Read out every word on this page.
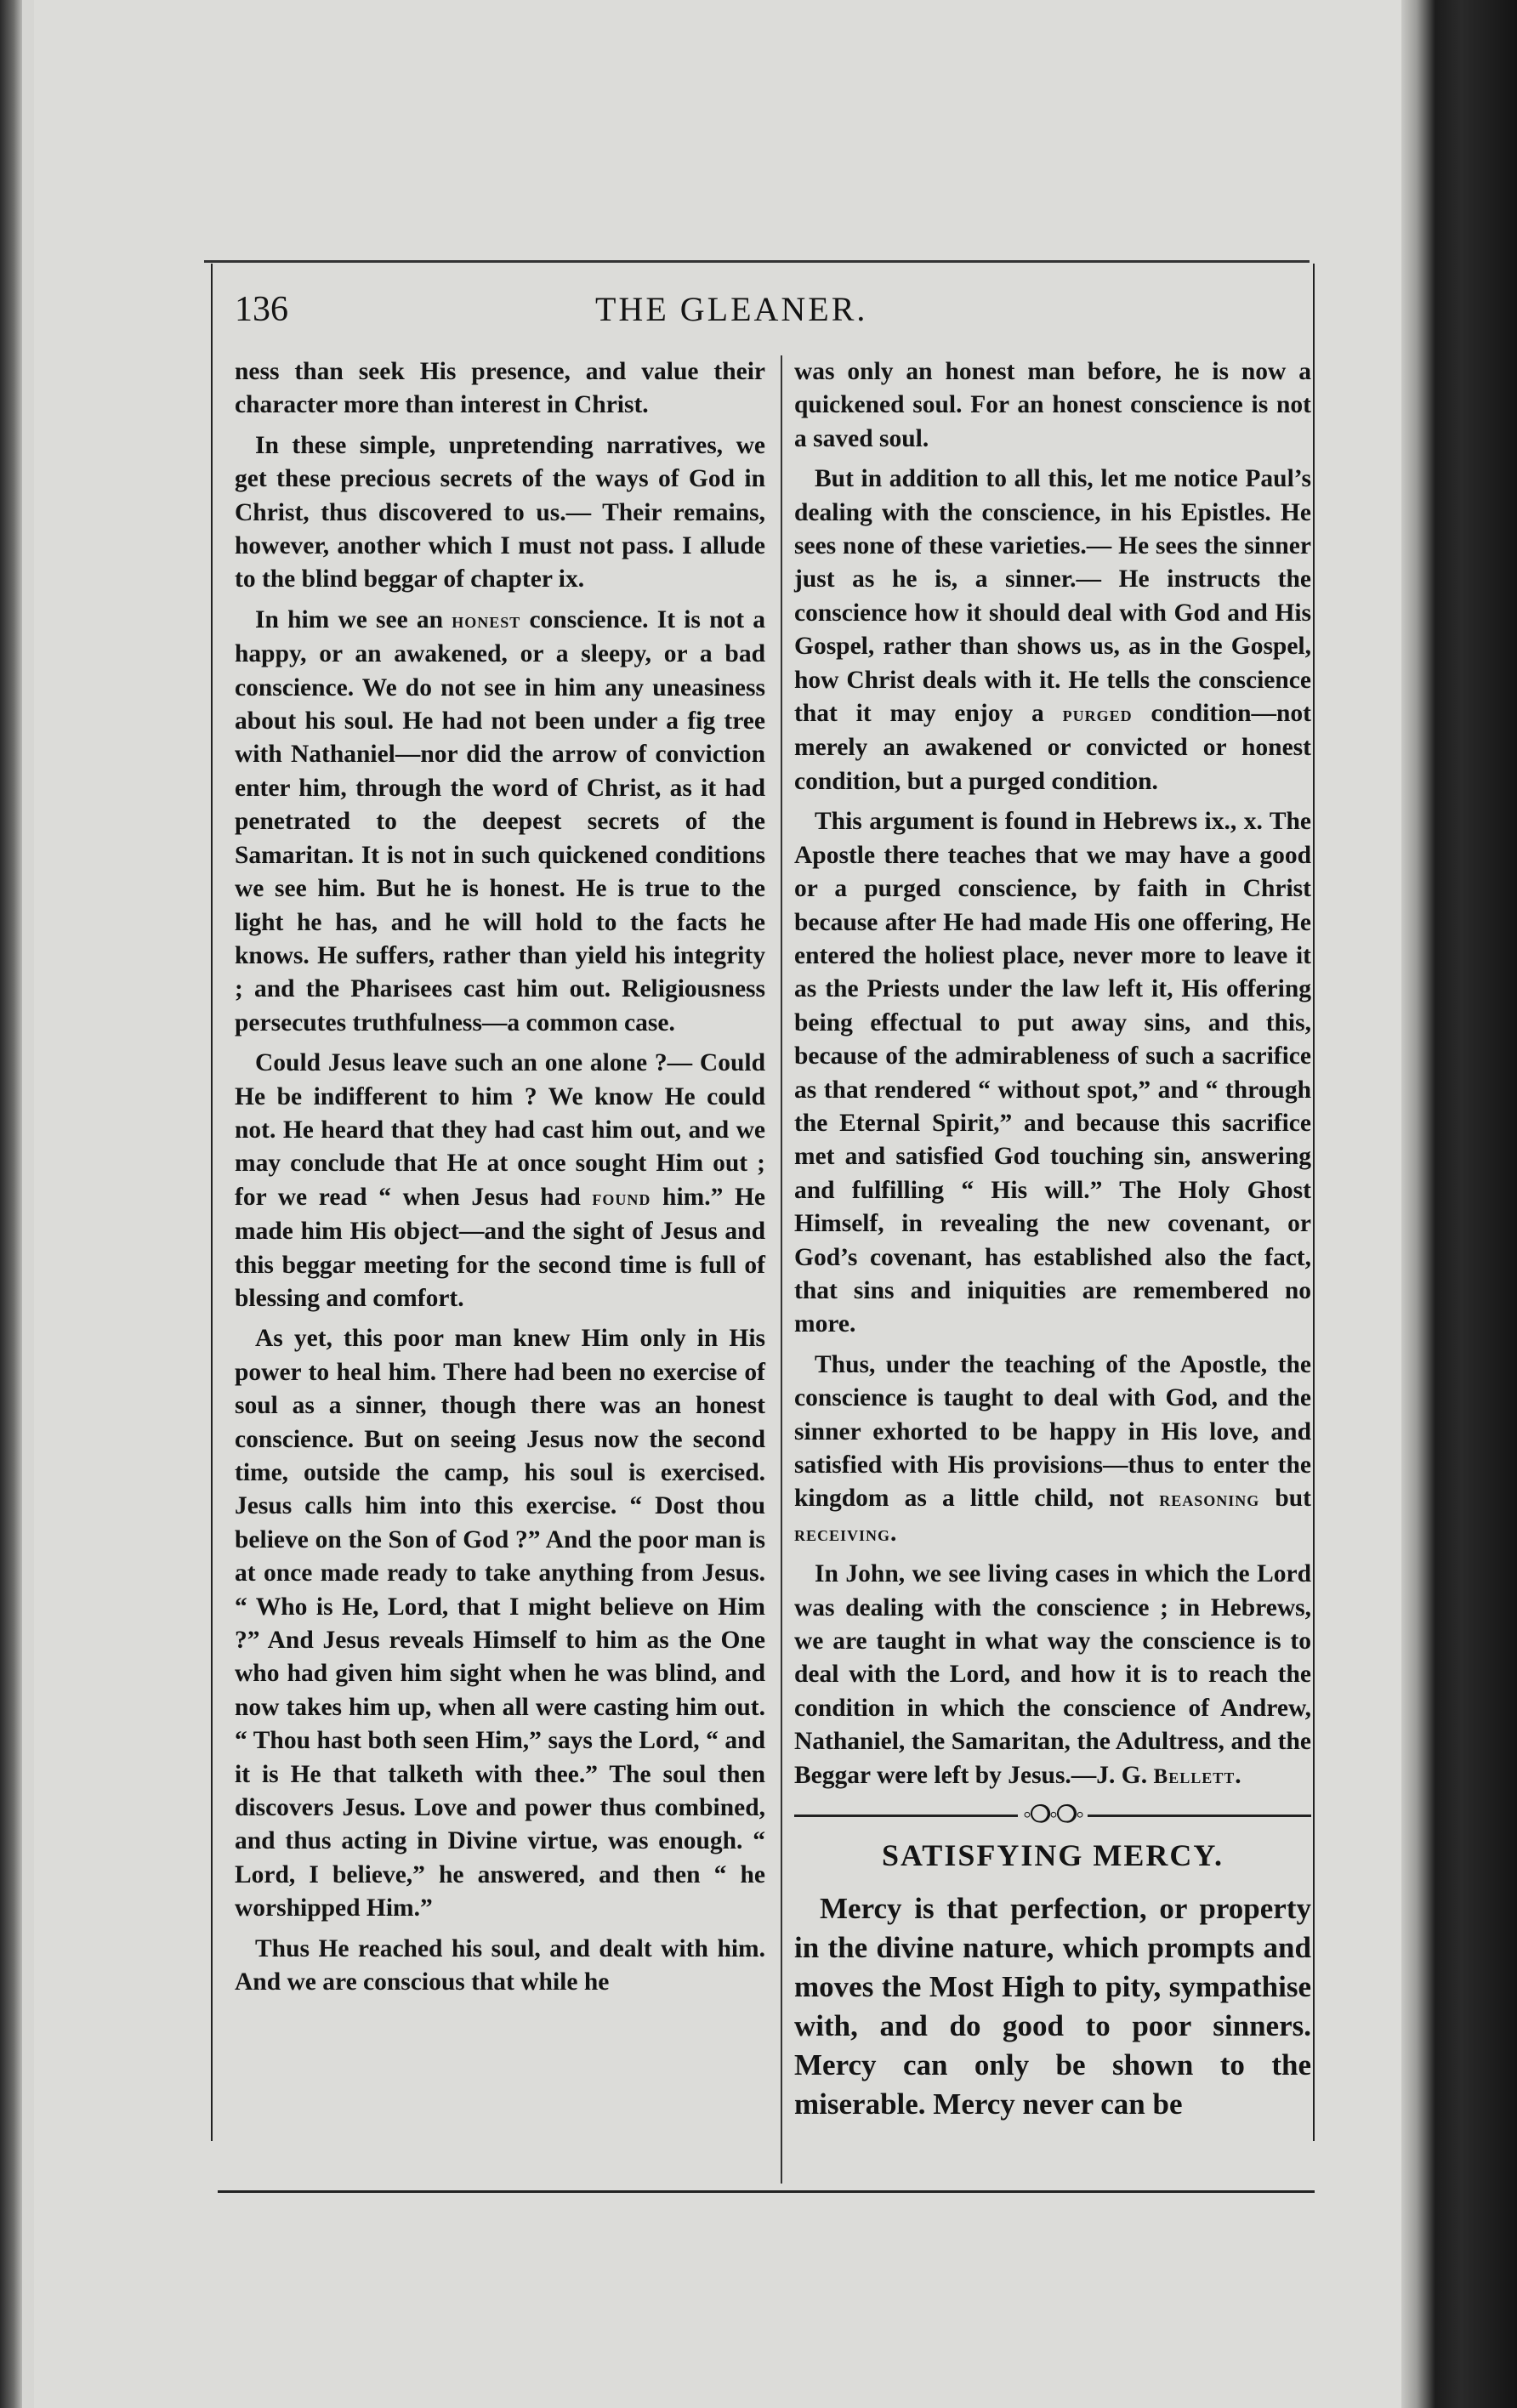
136	THE GLEANER.

ness than seek His presence, and value their character more than interest in Christ.

In these simple, unpretending narratives, we get these precious secrets of the ways of God in Christ, thus discovered to us.— Their remains, however, another which I must not pass. I allude to the blind beggar of chapter ix.

In him we see an honest conscience. It is not a happy, or an awakened, or a sleepy, or a bad conscience. We do not see in him any uneasiness about his soul. He had not been under a fig tree with Nathaniel—nor did the arrow of conviction enter him, through the word of Christ, as it had penetrated to the deepest secrets of the Samaritan. It is not in such quickened conditions we see him. But he is honest. He is true to the light he has, and he will hold to the facts he knows. He suffers, rather than yield his integrity ; and the Pharisees cast him out. Religiousness persecutes truthfulness—a common case.

Could Jesus leave such an one alone ?— Could He be indifferent to him ? We know He could not. He heard that they had cast him out, and we may conclude that He at once sought Him out ; for we read “ when Jesus had found him.” He made him His object—and the sight of Jesus and this beggar meeting for the second time is full of blessing and comfort.

As yet, this poor man knew Him only in His power to heal him. There had been no exercise of soul as a sinner, though there was an honest conscience. But on seeing Jesus now the second time, outside the camp, his soul is exercised. Jesus calls him into this exercise. “ Dost thou believe on the Son of God ?” And the poor man is at once made ready to take anything from Jesus. “ Who is He, Lord, that I might believe on Him ?” And Jesus reveals Himself to him as the One who had given him sight when he was blind, and now takes him up, when all were casting him out. “ Thou hast both seen Him,” says the Lord, “ and it is He that talketh with thee.” The soul then discovers Jesus. Love and power thus combined, and thus acting in Divine virtue, was enough. “ Lord, I believe,” he answered, and then “ he worshipped Him.”

Thus He reached his soul, and dealt with him. And we are conscious that while he

was only an honest man before, he is now a quickened soul. For an honest conscience is not a saved soul.

But in addition to all this, let me notice Paul’s dealing with the conscience, in his Epistles. He sees none of these varieties.— He sees the sinner just as he is, a sinner.— He instructs the conscience how it should deal with God and His Gospel, rather than shows us, as in the Gospel, how Christ deals with it. He tells the conscience that it may enjoy a purged condition—not merely an awakened or convicted or honest condition, but a purged condition.

This argument is found in Hebrews ix., x. The Apostle there teaches that we may have a good or a purged conscience, by faith in Christ because after He had made His one offering, He entered the holiest place, never more to leave it as the Priests under the law left it, His offering being effectual to put away sins, and this, because of the admirableness of such a sacrifice as that rendered “ without spot,” and “ through the Eternal Spirit,” and because this sacrifice met and satisfied God touching sin, answering and fulfilling “ His will.” The Holy Ghost Himself, in revealing the new covenant, or God’s covenant, has established also the fact, that sins and iniquities are remembered no more.

Thus, under the teaching of the Apostle, the conscience is taught to deal with God, and the sinner exhorted to be happy in His love, and satisfied with His provisions—thus to enter the kingdom as a little child, not reasoning but receiving.

In John, we see living cases in which the Lord was dealing with the conscience ; in Hebrews, we are taught in what way the conscience is to deal with the Lord, and how it is to reach the condition in which the conscience of Andrew, Nathaniel, the Samaritan, the Adultress, and the Beggar were left by Jesus.—J. G. Bellett.

◦❍◦❍◦
SATISFYING MERCY.

Mercy is that perfection, or property in the divine nature, which prompts and moves the Most High to pity, sympathise with, and do good to poor sinners. Mercy can only be shown to the miserable. Mercy never can be
